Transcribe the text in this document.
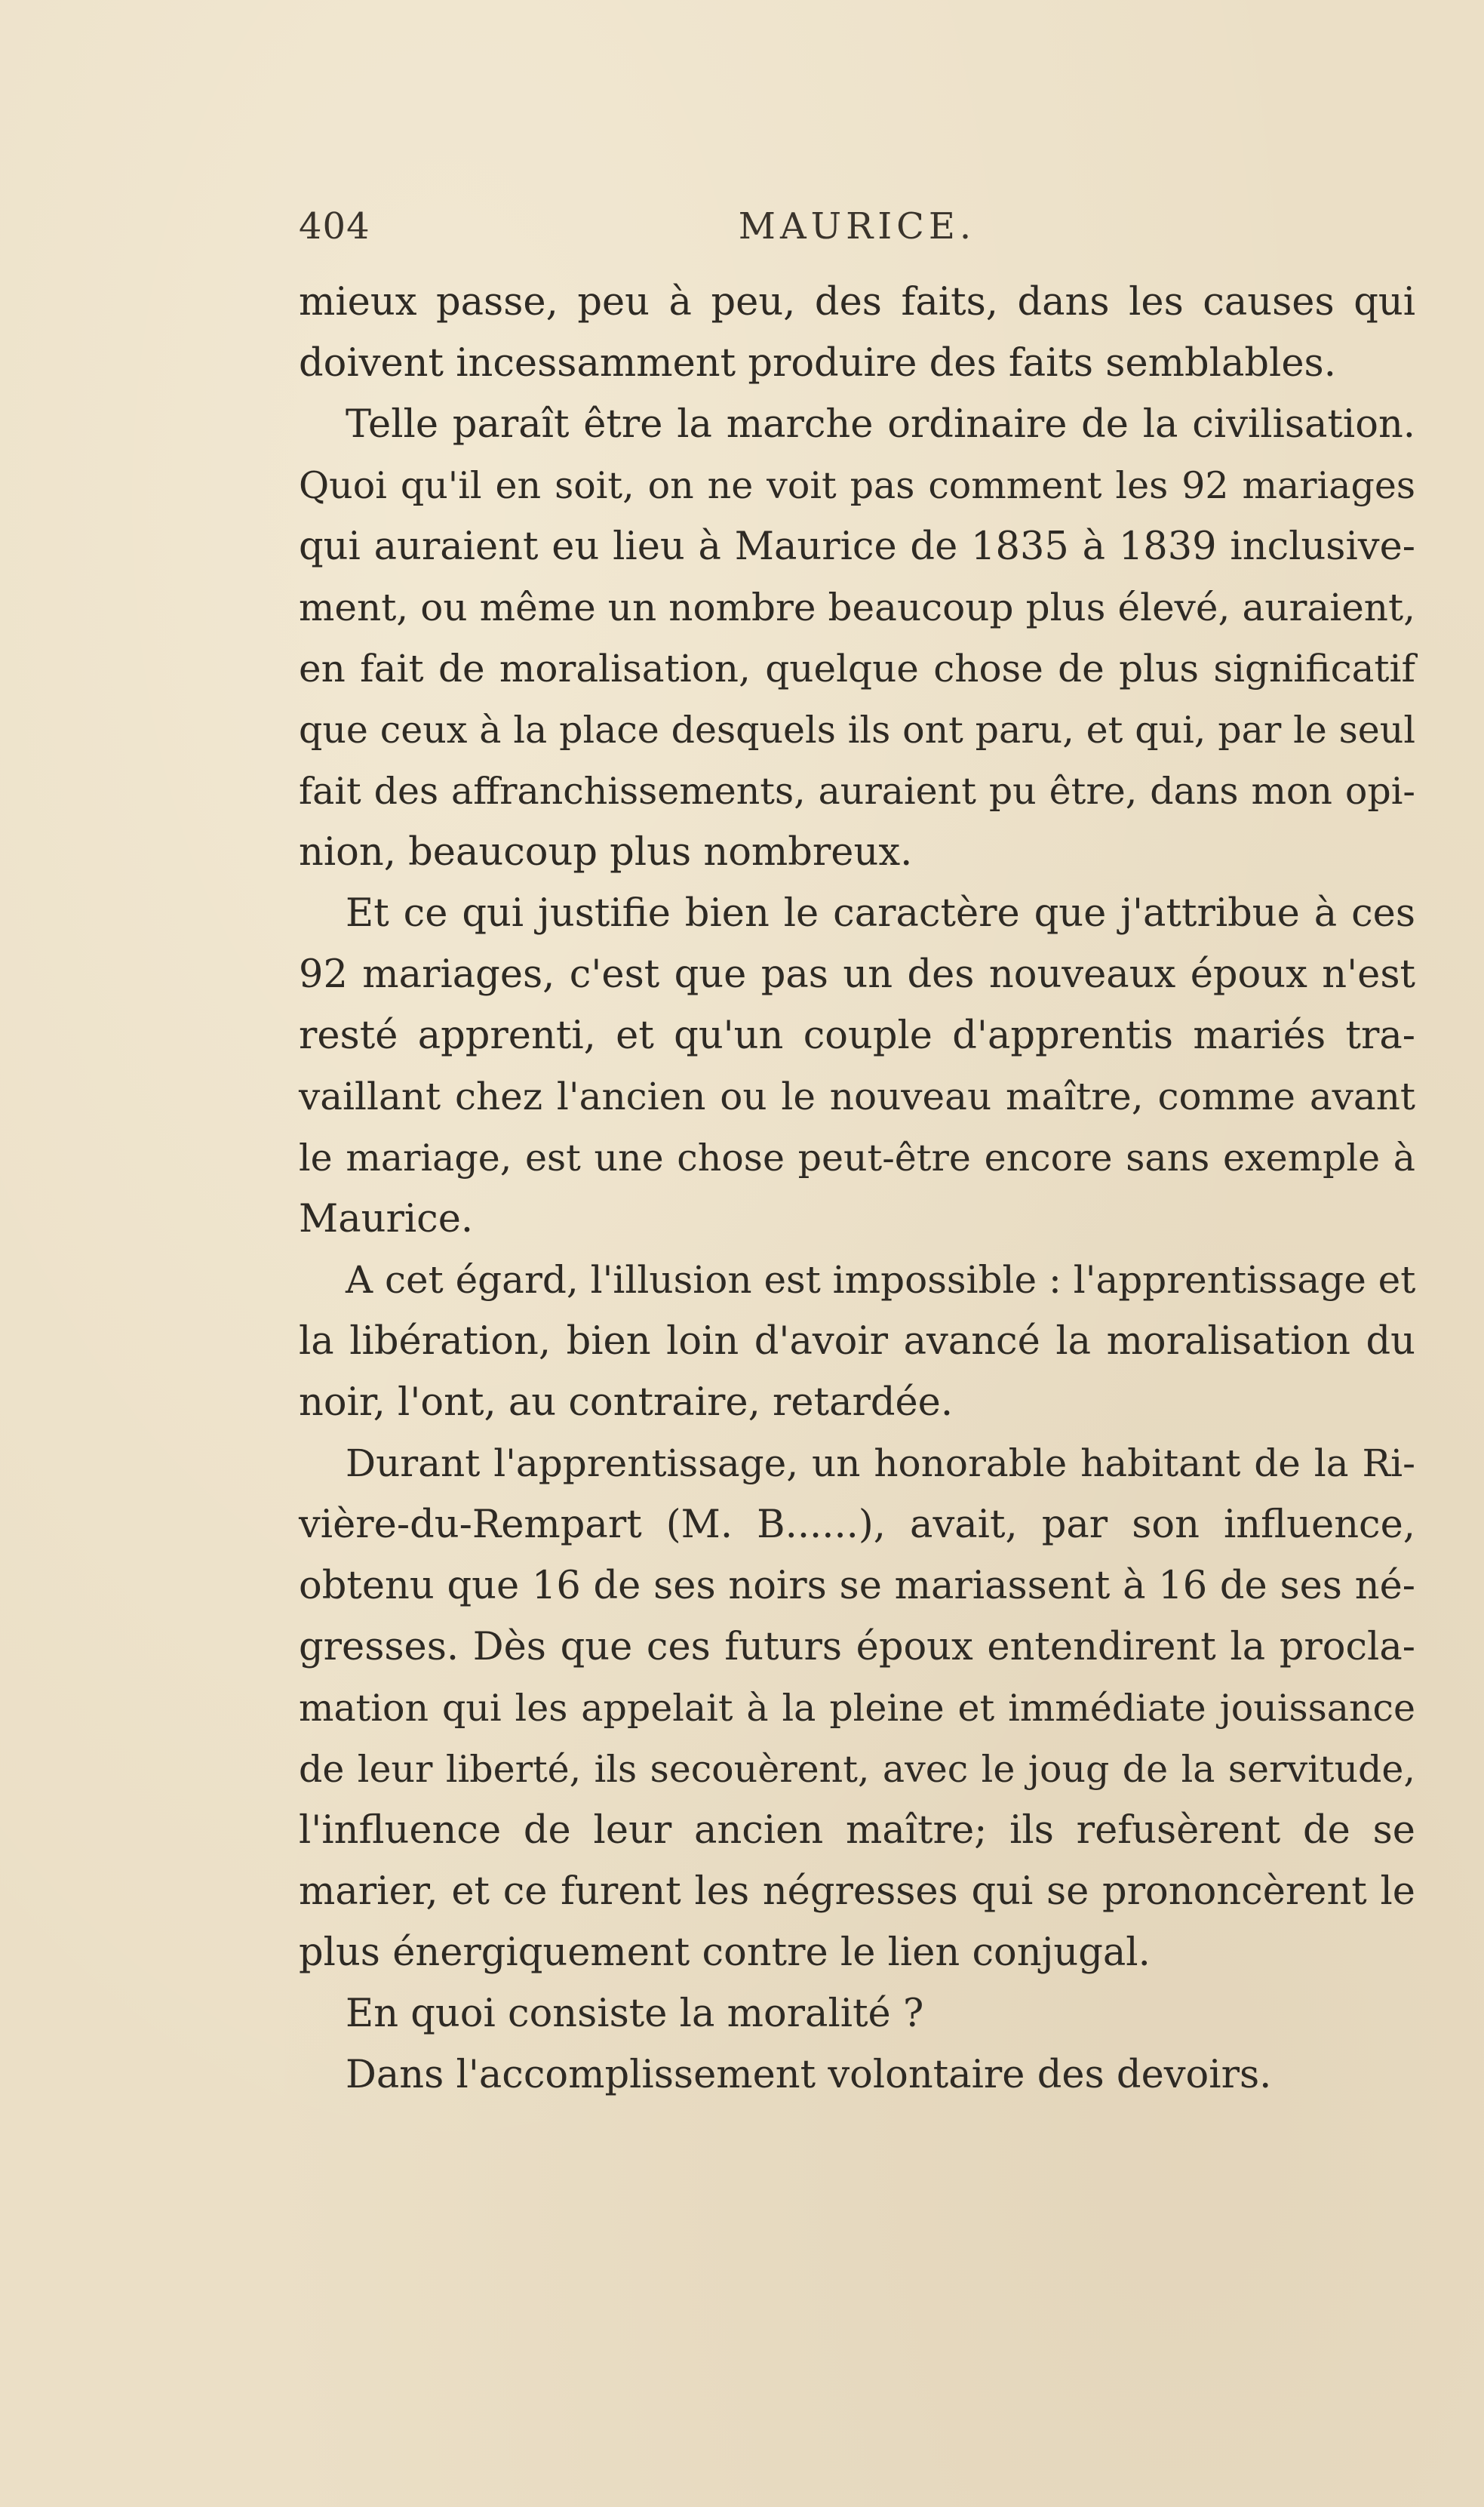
404	MAURICE.
mieux passe, peu à peu, des faits, dans les causes qui
doivent incessamment produire des faits semblables.
Telle paraît être la marche ordinaire de la civilisation.
Quoi qu'il en soit, on ne voit pas comment les 92 mariages
qui auraient eu lieu à Maurice de 1835 à 1839 inclusive-
ment, ou même un nombre beaucoup plus élevé, auraient,
en fait de moralisation, quelque chose de plus significatif
que ceux à la place desquels ils ont paru, et qui, par le seul
fait des affranchissements, auraient pu être, dans mon opi-
nion, beaucoup plus nombreux.
Et ce qui justifie bien le caractère que j'attribue à ces
92 mariages, c'est que pas un des nouveaux époux n'est
resté apprenti, et qu'un couple d'apprentis mariés tra-
vaillant chez l'ancien ou le nouveau maître, comme avant
le mariage, est une chose peut-être encore sans exemple à
Maurice.
A cet égard, l'illusion est impossible : l'apprentissage et
la libération, bien loin d'avoir avancé la moralisation du
noir, l'ont, au contraire, retardée.
Durant l'apprentissage, un honorable habitant de la Ri-
vière-du-Rempart (M. B......), avait, par son influence,
obtenu que 16 de ses noirs se mariassent à 16 de ses né-
gresses. Dès que ces futurs époux entendirent la procla-
mation qui les appelait à la pleine et immédiate jouissance
de leur liberté, ils secouèrent, avec le joug de la servitude,
l'influence de leur ancien maître; ils refusèrent de se
marier, et ce furent les négresses qui se prononcèrent le
plus énergiquement contre le lien conjugal.
En quoi consiste la moralité ?
Dans l'accomplissement volontaire des devoirs.
